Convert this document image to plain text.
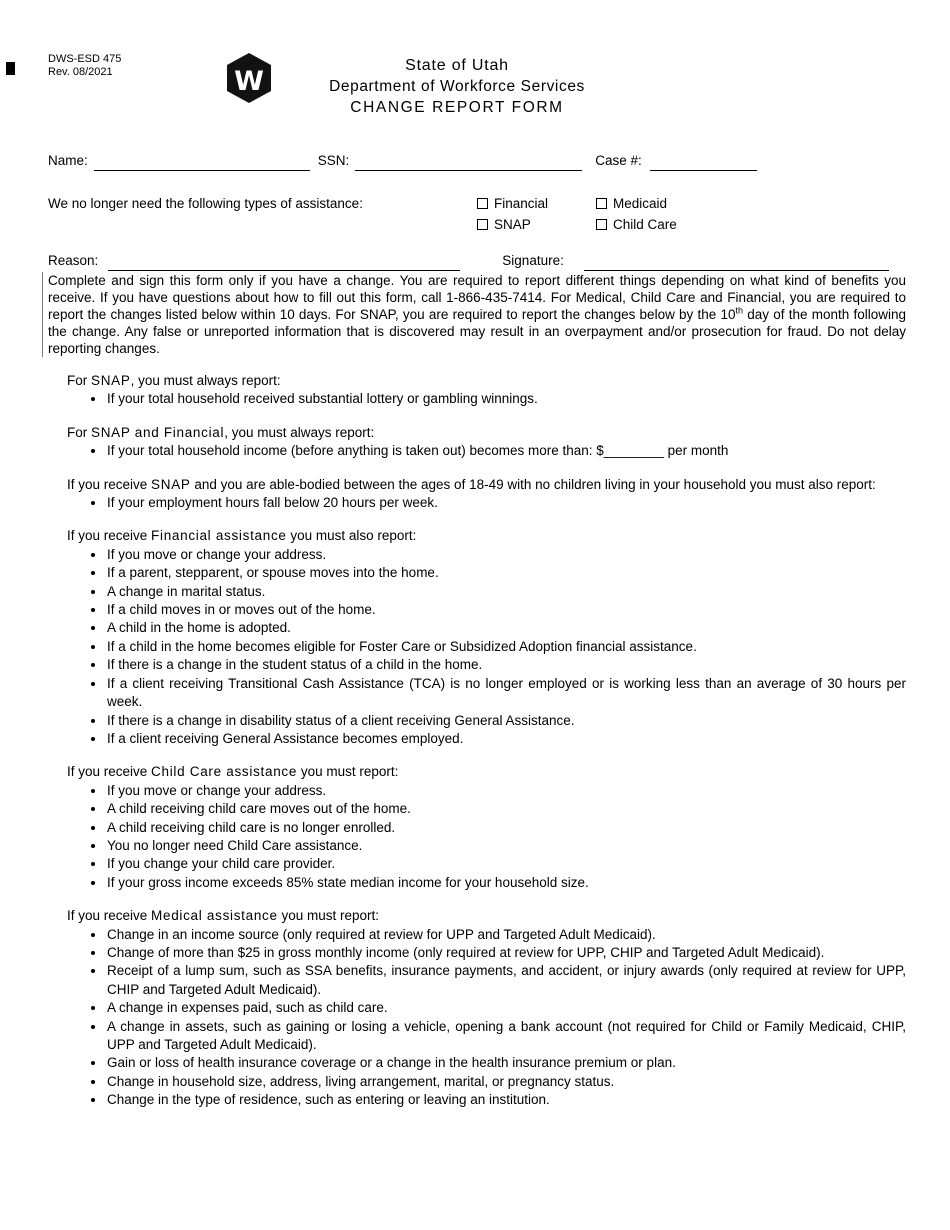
DWS-ESD 475
Rev. 08/2021	W
State of Utah
Department of Workforce Services
CHANGE REPORT FORM
Name:	SSN:	Case #:
We no longer need the following types of assistance:	Financial	Medicaid
SNAP	Child Care
Reason:	Signature:

Complete and sign this form only if you have a change. You are required to report different things depending on what kind of benefits you receive. If you have questions about how to fill out this form, call 1-866-435-7414. For Medical, Child Care and Financial, you are required to report the changes listed below within 10 days. For SNAP, you are required to report the changes below by the 10th day of the month following the change. Any false or unreported information that is discovered may result in an overpayment and/or prosecution for fraud. Do not delay reporting changes.

For SNAP, you must always report:
• If your total household received substantial lottery or gambling winnings.
For SNAP and Financial, you must always report:
• If your total household income (before anything is taken out) becomes more than: $________ per month
If you receive SNAP and you are able-bodied between the ages of 18-49 with no children living in your household you must also report:
• If your employment hours fall below 20 hours per week.
If you receive Financial assistance you must also report:
• If you move or change your address.
• If a parent, stepparent, or spouse moves into the home.
• A change in marital status.
• If a child moves in or moves out of the home.
• A child in the home is adopted.
• If a child in the home becomes eligible for Foster Care or Subsidized Adoption financial assistance.
• If there is a change in the student status of a child in the home.
• If a client receiving Transitional Cash Assistance (TCA) is no longer employed or is working less than an average of 30 hours per week.
• If there is a change in disability status of a client receiving General Assistance.
• If a client receiving General Assistance becomes employed.
If you receive Child Care assistance you must report:
• If you move or change your address.
• A child receiving child care moves out of the home.
• A child receiving child care is no longer enrolled.
• You no longer need Child Care assistance.
• If you change your child care provider.
• If your gross income exceeds 85% state median income for your household size.
If you receive Medical assistance you must report:
• Change in an income source (only required at review for UPP and Targeted Adult Medicaid).
• Change of more than $25 in gross monthly income (only required at review for UPP, CHIP and Targeted Adult Medicaid).
• Receipt of a lump sum, such as SSA benefits, insurance payments, and accident, or injury awards (only required at review for UPP, CHIP and Targeted Adult Medicaid).
• A change in expenses paid, such as child care.
• A change in assets, such as gaining or losing a vehicle, opening a bank account (not required for Child or Family Medicaid, CHIP, UPP and Targeted Adult Medicaid).
• Gain or loss of health insurance coverage or a change in the health insurance premium or plan.
• Change in household size, address, living arrangement, marital, or pregnancy status.
• Change in the type of residence, such as entering or leaving an institution.
